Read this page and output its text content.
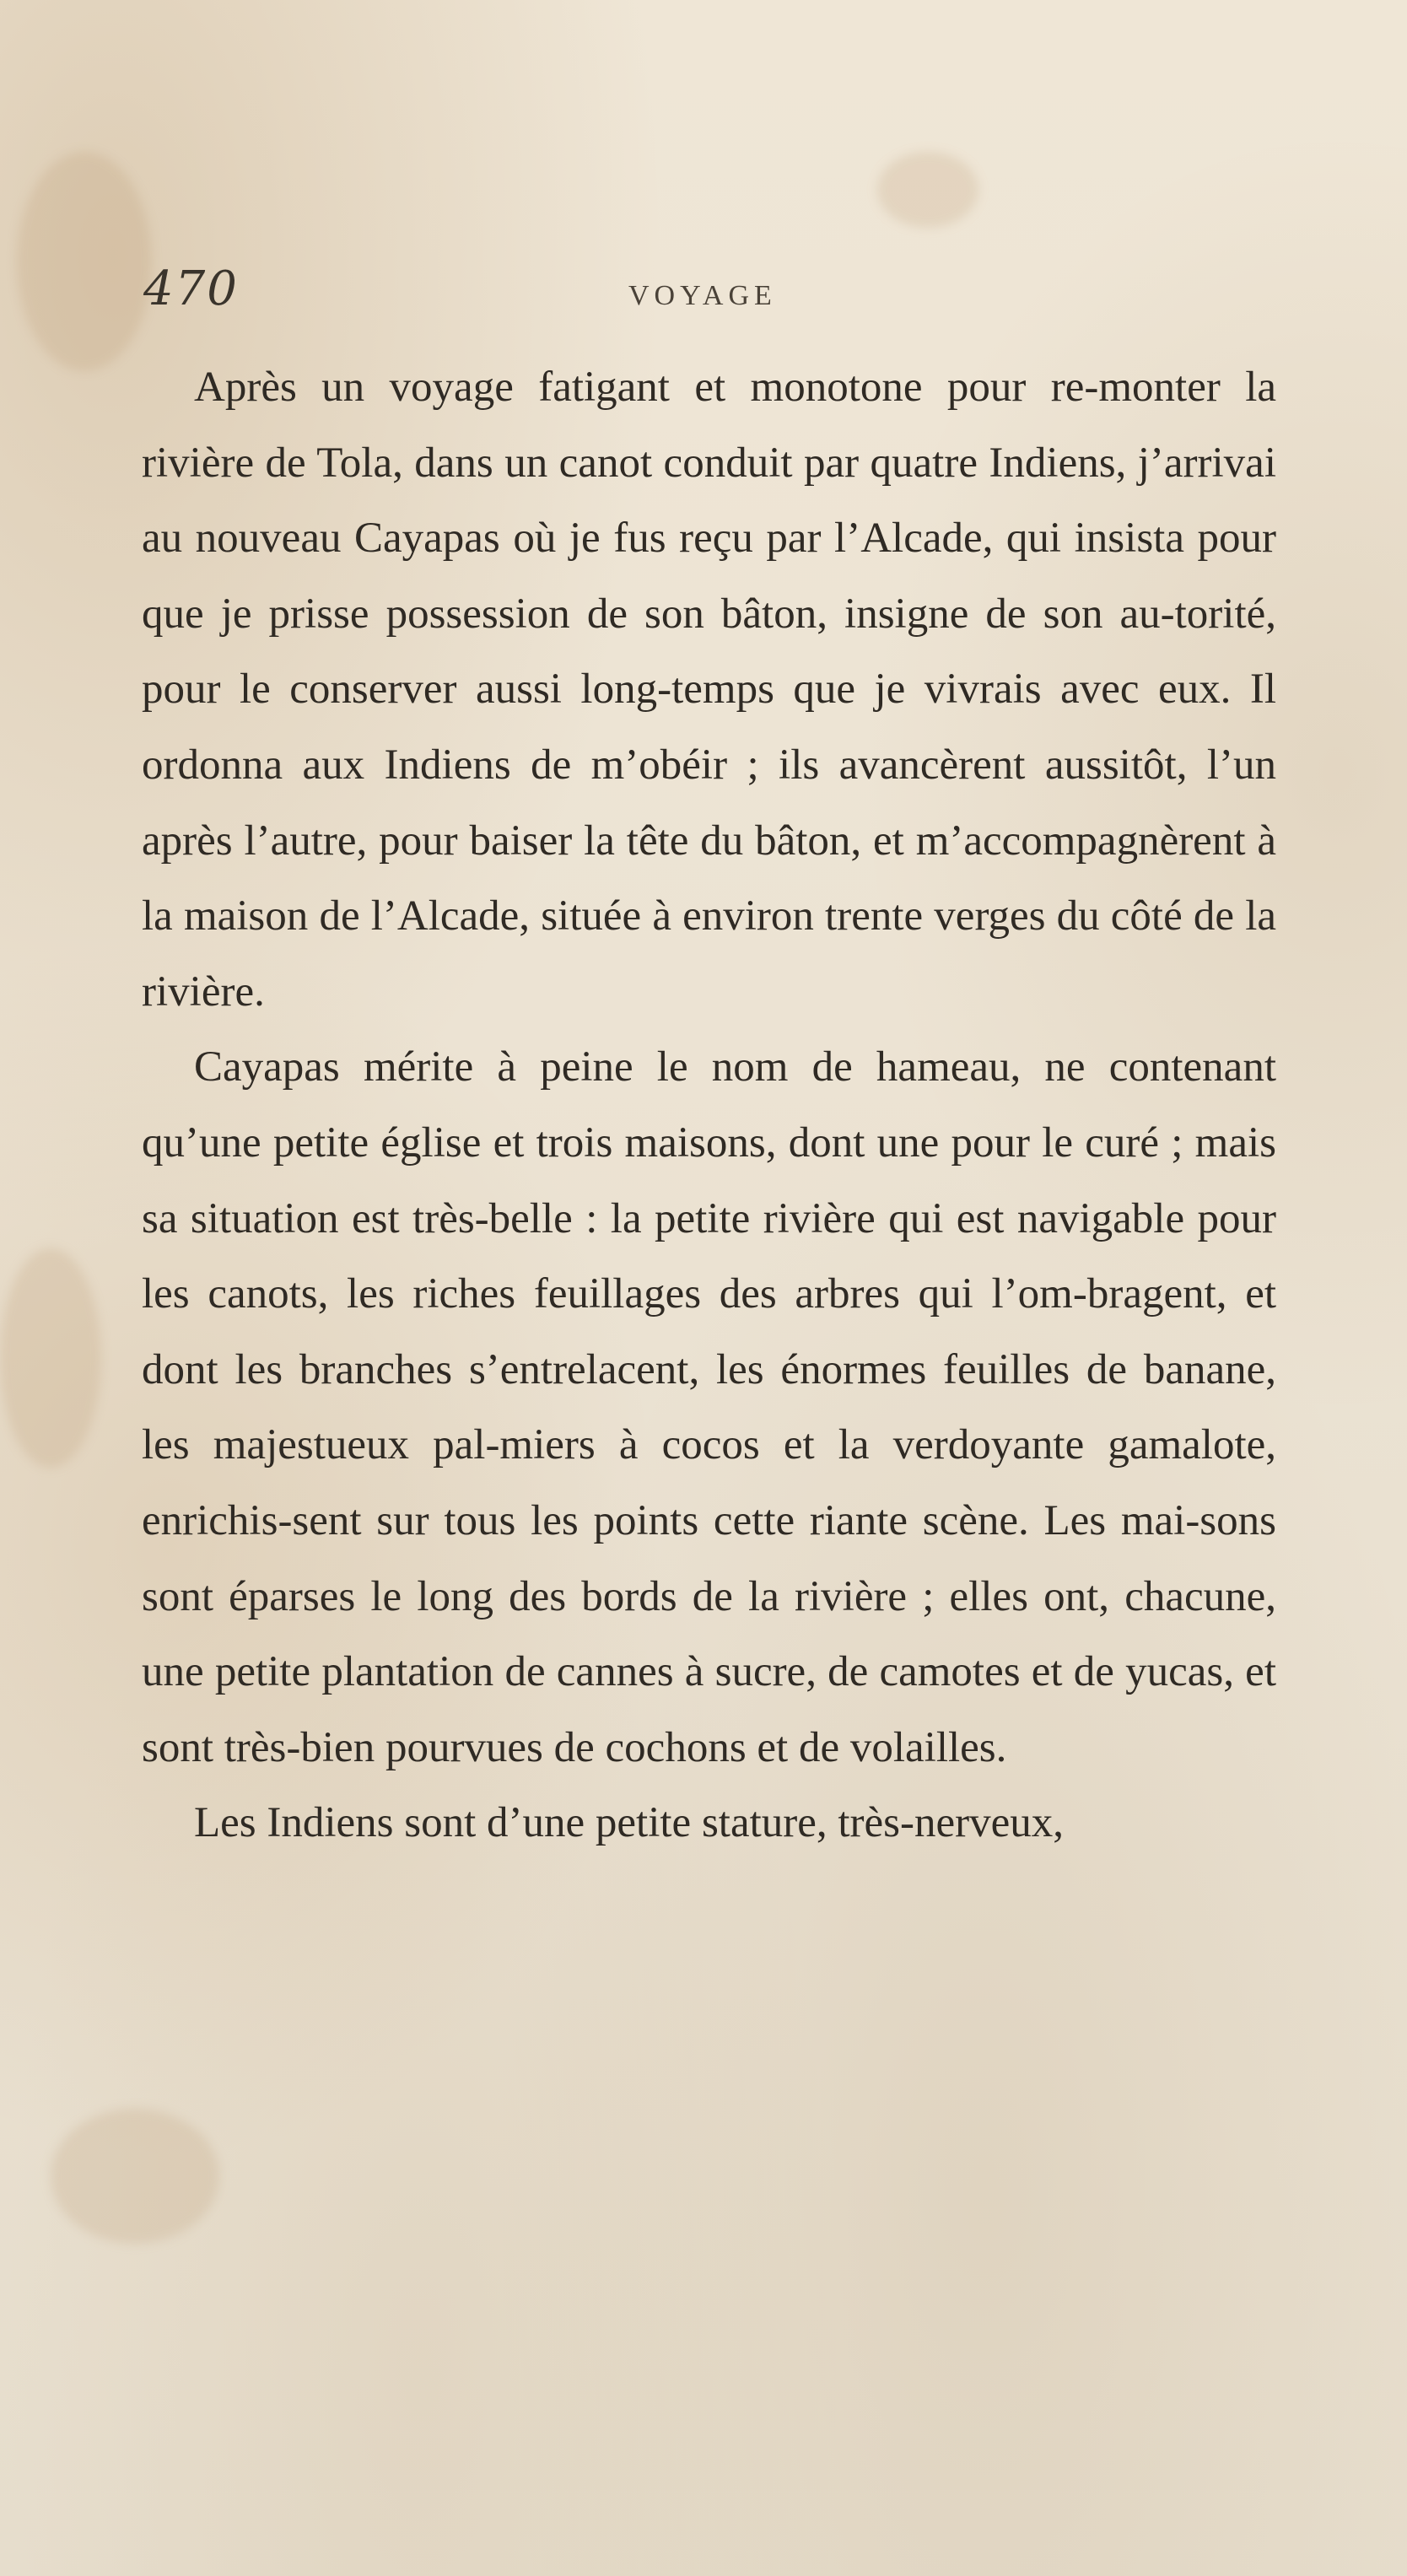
470	VOYAGE

Après un voyage fatigant et monotone pour re-monter la rivière de Tola, dans un canot conduit par quatre Indiens, j’arrivai au nouveau Cayapas où je fus reçu par l’Alcade, qui insista pour que je prisse possession de son bâton, insigne de son au-torité, pour le conserver aussi long-temps que je vivrais avec eux. Il ordonna aux Indiens de m’obéir ; ils avancèrent aussitôt, l’un après l’autre, pour baiser la tête du bâton, et m’accompagnèrent à la maison de l’Alcade, située à environ trente verges du côté de la rivière.

Cayapas mérite à peine le nom de hameau, ne contenant qu’une petite église et trois maisons, dont une pour le curé ; mais sa situation est très-belle : la petite rivière qui est navigable pour les canots, les riches feuillages des arbres qui l’om-bragent, et dont les branches s’entrelacent, les énormes feuilles de banane, les majestueux pal-miers à cocos et la verdoyante gamalote, enrichis-sent sur tous les points cette riante scène. Les mai-sons sont éparses le long des bords de la rivière ; elles ont, chacune, une petite plantation de cannes à sucre, de camotes et de yucas, et sont très-bien pourvues de cochons et de volailles.

Les Indiens sont d’une petite stature, très-nerveux,
